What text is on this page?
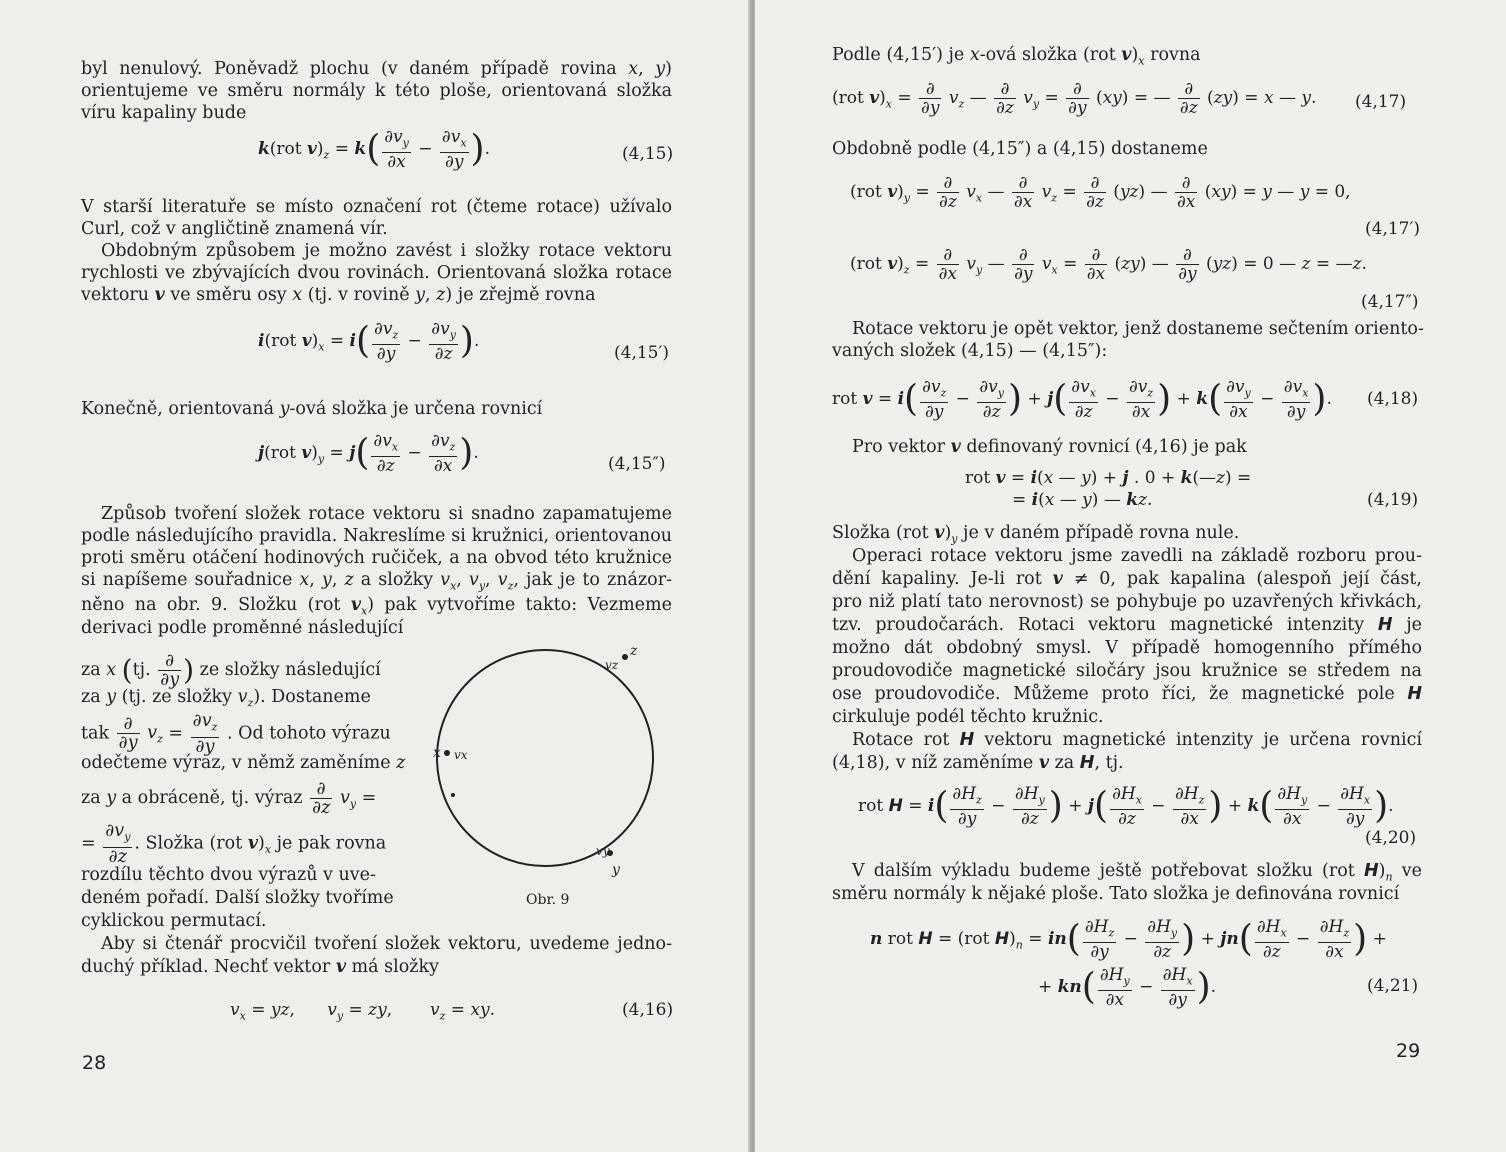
byl nenulový. Poněvadž plochu (v daném případě rovina x, y)
orientujeme ve směru normály k této ploše, orientovaná složka
víru kapaliny bude
k(rot $v)_z = k( \frac{\partial v_y}{\partial x} - \frac{\partial v_x}{\partial y}$ ).	(4,15)
V starší literatuře se místo označení rot (čteme rotace) užívalo
Curl, což v angličtině znamená vír.
Obdobným způsobem je možno zavést i složky rotace vektoru
rychlosti ve zbývajících dvou rovinách. Orientovaná složka rotace
vektoru v ve směru osy x (tj. v rovině y, z) je zřejmě rovna
i(rot $v)_x = i( \frac{\partial v_z}{\partial y} - \frac{\partial v_y}{\partial z}$ ).
(4,15′)
Konečně, orientovaná y-ová složka je určena rovnicí
j(rot $v)_y = j( \frac{\partial v_x}{\partial z} - \frac{\partial v_z}{\partial x}$ ).
(4,15″)
Způsob tvoření složek rotace vektoru si snadno zapamatujeme
podle následujícího pravidla. Nakreslíme si kružnici, orientovanou
proti směru otáčení hodinových ručiček, a na obvod této kružnice
si napíšeme souřadnice x, y, z a složky $v_x$, $v_y$, $v_z$, jak je to znázor-
něno na obr. 9. Složku (rot $v_x$) pak vytvoříme takto: Vezmeme
derivaci podle proměnné následující
za x (tj. $\frac{\partial}{\partial y}$ ) ze složky následující
za y (tj. ze složky $v_z$). Dostaneme
tak $\frac{\partial}{\partial y} v_z = \frac{\partial v_z}{\partial y}$ . Od tohoto výrazu
odečteme výraz, v němž zaměníme z
za y a obráceně, tj. výraz $\frac{\partial}{\partial z} v_y$ =
= $\frac{\partial v_y}{\partial z}$ . Složka (rot $v)_x$ je pak rovna
rozdílu těchto dvou výrazů v uve-
deném pořadí. Další složky tvoříme
cyklickou permutací.
Aby si čtenář procvičil tvoření složek vektoru, uvedeme jedno-
duchý příklad. Nechť vektor v má složky
$v_x$ = yz,      $v_y$ = zy,       $v_z$ = xy.	(4,16)
z
vz
x vx
vy
y
Obr. 9
28
Podle (4,15′) je x-ová složka (rot $v)_x$ rovna
(rot $v)_x = \frac{\partial}{\partial y} v_z$ — $\frac{\partial}{\partial z} v_y = \frac{\partial}{\partial y} (xy)$ = — $\frac{\partial}{\partial z} (zy) = x$ — y. (4,17)
Obdobně podle (4,15″) a (4,15) dostaneme
(rot $v)_y = \frac{\partial}{\partial z} v_x$ — $\frac{\partial}{\partial x} v_z = \frac{\partial}{\partial z} (yz)$ — $\frac{\partial}{\partial x} (xy) = y$ — y = 0,
(4,17′)
(rot $v)_z = \frac{\partial}{\partial x} v_y$ — $\frac{\partial}{\partial y} v_x = \frac{\partial}{\partial x} (zy)$ — $\frac{\partial}{\partial y} (yz) = 0$ — z = —z.
(4,17″)
Rotace vektoru je opět vektor, jenž dostaneme sečtením orientο-
vaných složek (4,15) — (4,15″):
rot $v = i( \frac{\partial v_z}{\partial y} - \frac{\partial v_y}{\partial z}$ ) + $j( \frac{\partial v_x}{\partial z} - \frac{\partial v_z}{\partial x}$ ) + $k( \frac{\partial v_y}{\partial x} - \frac{\partial v_x}{\partial y}$ ). (4,18)
Pro vektor v definovaný rovnicí (4,16) je pak
rot v = i(x — y) + j . 0 + k(—z) =
= i(x — y) — kz.	(4,19)
Složka (rot $v)_y$ je v daném případě rovna nule.
Operaci rotace vektoru jsme zavedli na základě rozboru prou-
dění kapaliny. Je-li rot v ≠ 0, pak kapalina (alespoň její část,
pro niž platí tato nerovnost) se pohybuje po uzavřených křivkách,
tzv. proudočarách. Rotaci vektoru magnetické intenzity H je
možno dát obdobný smysl. V případě homogenního přímého
proudovodiče magnetické siločáry jsou kružnice se středem na
ose proudovodiče. Můžeme proto říci, že magnetické pole H
cirkuluje podél těchto kružnic.
Rotace rot H vektoru magnetické intenzity je určena rovnicí
(4,18), v níž zaměníme v za H, tj.
rot $H = i( \frac{\partial H_z}{\partial y} - \frac{\partial H_y}{\partial z}$ ) + $j( \frac{\partial H_x}{\partial z} - \frac{\partial H_z}{\partial x}$ ) + $k( \frac{\partial H_y}{\partial x} - \frac{\partial H_x}{\partial y}$ ).
(4,20)
V dalším výkladu budeme ještě potřebovat složku (rot $H)_n$ ve
směru normály k nějaké ploše. Tato složka je definována rovnicí
n rot H = (rot $H)_n = in( \frac{\partial H_z}{\partial y} - \frac{\partial H_y}{\partial z}$ ) + $jn( \frac{\partial H_x}{\partial z} - \frac{\partial H_z}{\partial x}$ ) +
+ $kn( \frac{\partial H_y}{\partial x} - \frac{\partial H_x}{\partial y}$ ).	(4,21)
29
